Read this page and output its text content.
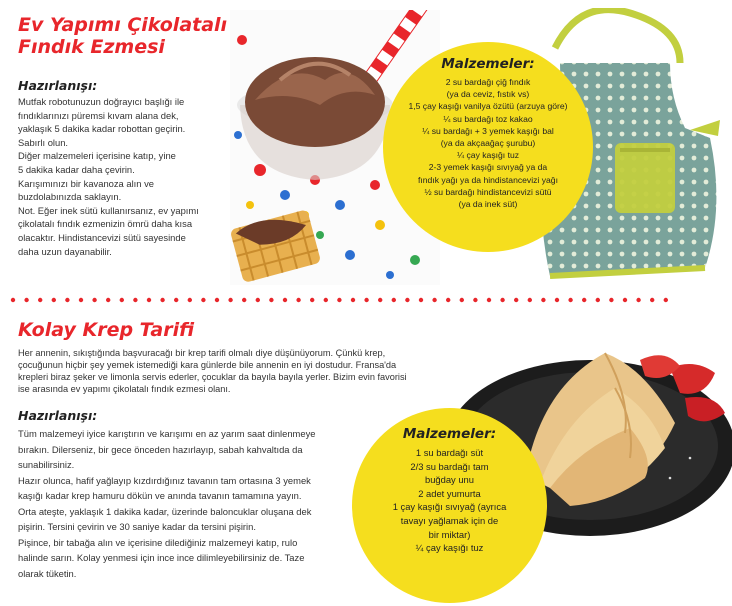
Ev Yapımı Çikolatalı
Fındık Ezmesi
Hazırlanışı:

Mutfak robotunuzun doğrayıcı başlığı ile

fındıklarınızı püremsi kıvam alana dek,

yaklaşık 5 dakika kadar robottan geçirin.

Sabırlı olun.

Diğer malzemeleri içerisine katıp, yine

5 dakika kadar daha çevirin.

Karışımınızı bir kavanoza alın ve

buzdolabınızda saklayın.

Not. Eğer inek sütü kullanırsanız, ev yapımı

çikolatalı fındık ezmenizin ömrü daha kısa

olacaktır. Hindistancevizi sütü sayesinde

daha uzun dayanabilir.

Malzemeler:
2 su bardağı çiğ fındık
(ya da ceviz, fıstık vs)
1,5 çay kaşığı vanilya özütü (arzuya göre)
¼ su bardağı toz kakao
¼ su bardağı + 3 yemek kaşığı bal
(ya da akçaağaç şurubu)
¼ çay kaşığı tuz
2-3 yemek kaşığı sıvıyağ ya da
fındık yağı ya da hindistancevizi yağı
½ su bardağı hindistancevizi sütü
(ya da inek süt)
Kolay Krep Tarifi

Her annenin, sıkıştığında başvuracağı bir krep tarifi olmalı diye düşünüyorum. Çünkü krep,

çocuğunun hiçbir şey yemek istemediği kara günlerde bile annenin en iyi dostudur. Fransa'da

krepleri biraz şeker ve limonla servis ederler, çocuklar da bayıla bayıla yerler. Bizim evin favorisi

ise arasında ev yapımı çikolatalı fındık ezmesi olanı.

Hazırlanışı:

Tüm malzemeyi iyice karıştırın ve karışımı en az yarım saat dinlenmeye

bırakın. Dilerseniz, bir gece önceden hazırlayıp, sabah kahvaltıda da

sunabilirsiniz.

Hazır olunca, hafif yağlayıp kızdırdığınız tavanın tam ortasına 3 yemek

kaşığı kadar krep hamuru dökün ve anında tavanın tamamına yayın.

Orta ateşte, yaklaşık 1 dakika kadar, üzerinde baloncuklar oluşana dek

pişirin. Tersini çevirin ve 30 saniye kadar da tersini pişirin.

Pişince, bir tabağa alın ve içerisine dilediğiniz malzemeyi katıp, rulo

halinde sarın. Kolay yenmesi için ince ince dilimleyebilirsiniz de. Taze

olarak tüketin.

Malzemeler:
1 su bardağı süt
2/3 su bardağı tam
buğday unu
2 adet yumurta
1 çay kaşığı sıvıyağ (ayrıca
tavayı yağlamak için de
bir miktar)
¼ çay kaşığı tuz
